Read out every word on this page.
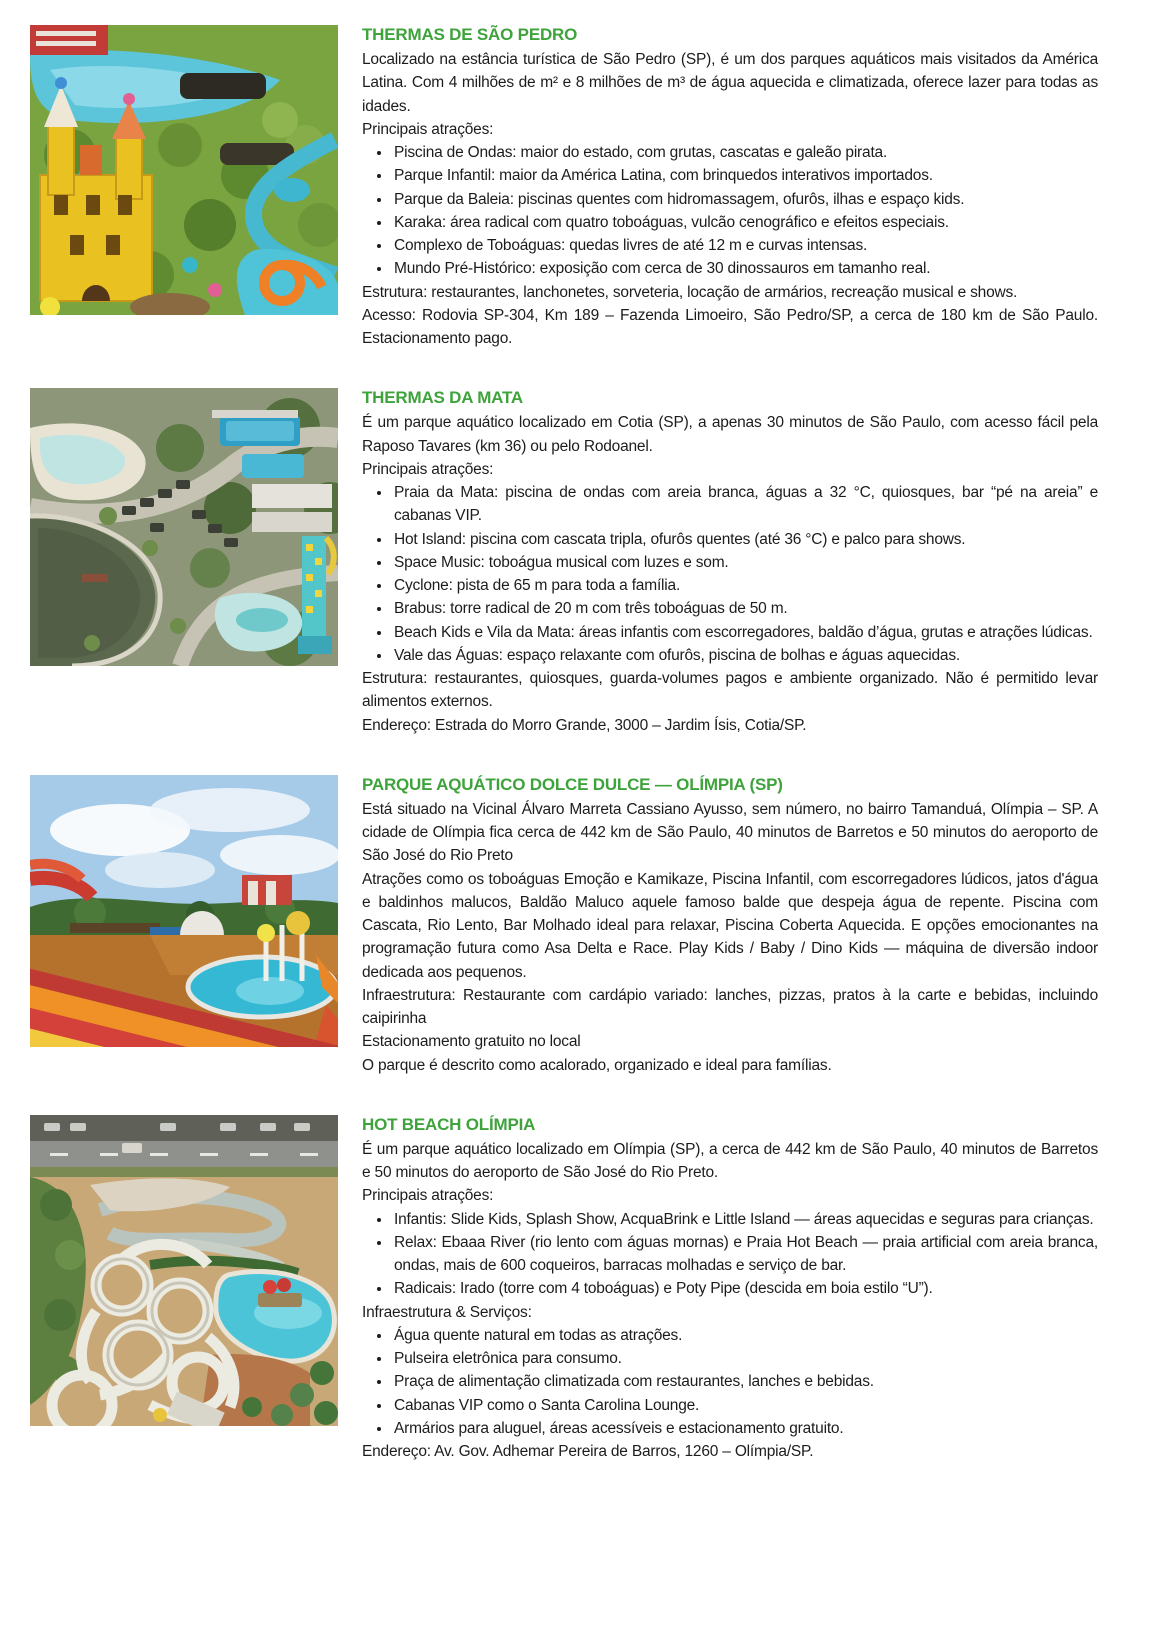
THERMAS DE SÃO PEDRO

Localizado na estância turística de São Pedro (SP), é um dos parques aquáticos mais visitados da América Latina. Com 4 milhões de m² e 8 milhões de m³ de água aquecida e climatizada, oferece lazer para todas as idades.

Principais atrações:

• Piscina de Ondas: maior do estado, com grutas, cascatas e galeão pirata.
• Parque Infantil: maior da América Latina, com brinquedos interativos importados.
• Parque da Baleia: piscinas quentes com hidromassagem, ofurôs, ilhas e espaço kids.
• Karaka: área radical com quatro toboáguas, vulcão cenográfico e efeitos especiais.
• Complexo de Toboáguas: quedas livres de até 12 m e curvas intensas.
• Mundo Pré-Histórico: exposição com cerca de 30 dinossauros em tamanho real.

Estrutura: restaurantes, lanchonetes, sorveteria, locação de armários, recreação musical e shows.

Acesso: Rodovia SP-304, Km 189 – Fazenda Limoeiro, São Pedro/SP, a cerca de 180 km de São Paulo. Estacionamento pago.

THERMAS DA MATA

É um parque aquático localizado em Cotia (SP), a apenas 30 minutos de São Paulo, com acesso fácil pela Raposo Tavares (km 36) ou pelo Rodoanel.

Principais atrações:

• Praia da Mata: piscina de ondas com areia branca, águas a 32 °C, quiosques, bar “pé na areia” e cabanas VIP.
• Hot Island: piscina com cascata tripla, ofurôs quentes (até 36 °C) e palco para shows.
• Space Music: toboágua musical com luzes e som.
• Cyclone: pista de 65 m para toda a família.
• Brabus: torre radical de 20 m com três toboáguas de 50 m.
• Beach Kids e Vila da Mata: áreas infantis com escorregadores, baldão d’água, grutas e atrações lúdicas.
• Vale das Águas: espaço relaxante com ofurôs, piscina de bolhas e águas aquecidas.

Estrutura: restaurantes, quiosques, guarda-volumes pagos e ambiente organizado. Não é permitido levar alimentos externos.

Endereço: Estrada do Morro Grande, 3000 – Jardim Ísis, Cotia/SP.

PARQUE AQUÁTICO DOLCE DULCE — OLÍMPIA (SP)

Está situado na Vicinal Álvaro Marreta Cassiano Ayusso, sem número, no bairro Tamanduá, Olímpia – SP. A cidade de Olímpia fica cerca de 442 km de São Paulo, 40 minutos de Barretos e 50 minutos do aeroporto de São José do Rio Preto

Atrações como os toboáguas Emoção e Kamikaze, Piscina Infantil, com escorregadores lúdicos, jatos d'água e baldinhos malucos, Baldão Maluco aquele famoso balde que despeja água de repente. Piscina com Cascata, Rio Lento, Bar Molhado ideal para relaxar, Piscina Coberta Aquecida. E opções emocionantes na programação futura como Asa Delta e Race. Play Kids / Baby / Dino Kids — máquina de diversão indoor dedicada aos pequenos.

Infraestrutura: Restaurante com cardápio variado: lanches, pizzas, pratos à la carte e bebidas, incluindo caipirinha

Estacionamento gratuito no local

O parque é descrito como acalorado, organizado e ideal para famílias.

HOT BEACH OLÍMPIA

É um parque aquático localizado em Olímpia (SP), a cerca de 442 km de São Paulo, 40 minutos de Barretos e 50 minutos do aeroporto de São José do Rio Preto.

Principais atrações:

• Infantis: Slide Kids, Splash Show, AcquaBrink e Little Island — áreas aquecidas e seguras para crianças.
• Relax: Ebaaa River (rio lento com águas mornas) e Praia Hot Beach — praia artificial com areia branca, ondas, mais de 600 coqueiros, barracas molhadas e serviço de bar.
• Radicais: Irado (torre com 4 toboáguas) e Poty Pipe (descida em boia estilo “U”).

Infraestrutura & Serviços:

• Água quente natural em todas as atrações.
• Pulseira eletrônica para consumo.
• Praça de alimentação climatizada com restaurantes, lanches e bebidas.
• Cabanas VIP como o Santa Carolina Lounge.
• Armários para aluguel, áreas acessíveis e estacionamento gratuito.

Endereço: Av. Gov. Adhemar Pereira de Barros, 1260 – Olímpia/SP.
